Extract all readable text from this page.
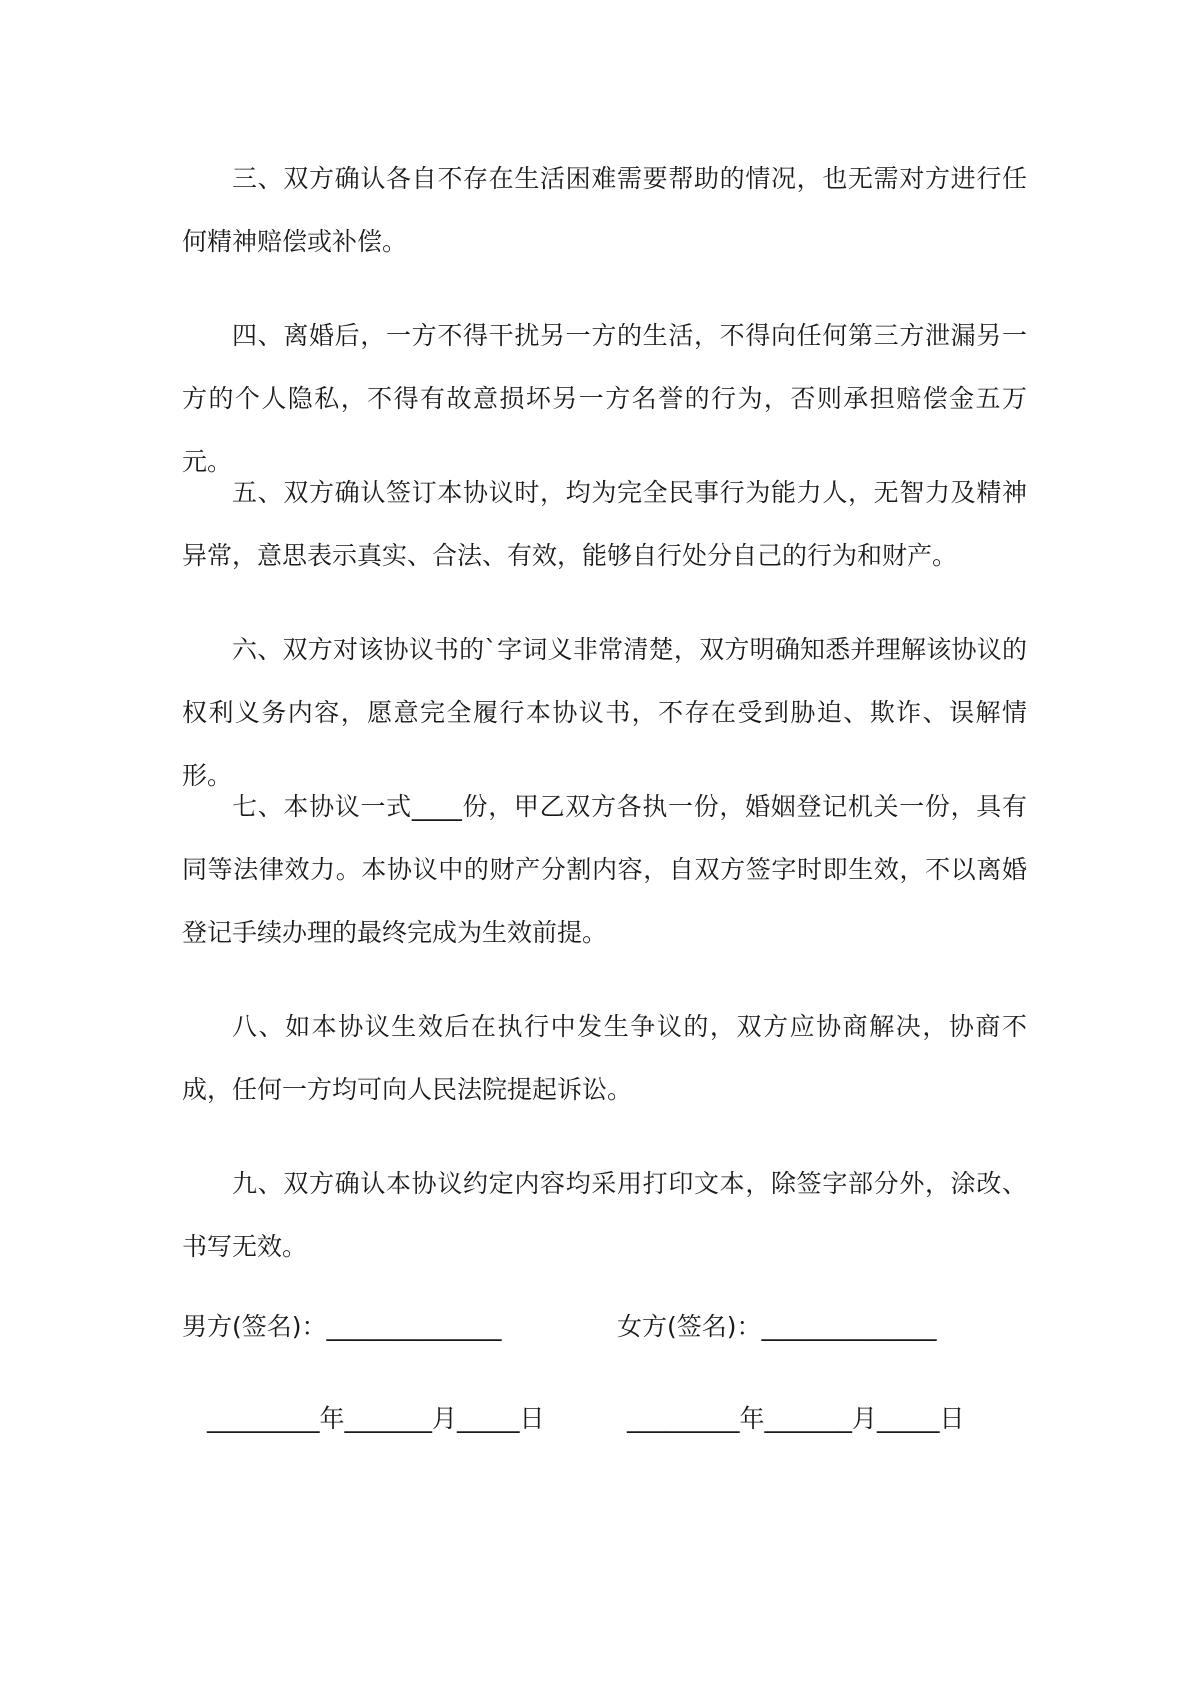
三、双方确认各自不存在生活困难需要帮助的情况，也无需对方进行任何精神赔偿或补偿。

四、离婚后，一方不得干扰另一方的生活，不得向任何第三方泄漏另一方的个人隐私，不得有故意损坏另一方名誉的行为，否则承担赔偿金五万元。

五、双方确认签订本协议时，均为完全民事行为能力人，无智力及精神异常，意思表示真实、合法、有效，能够自行处分自己的行为和财产。

六、双方对该协议书的`字词义非常清楚，双方明确知悉并理解该协议的权利义务内容，愿意完全履行本协议书，不存在受到胁迫、欺诈、误解情形。

七、本协议一式____份，甲乙双方各执一份，婚姻登记机关一份，具有同等法律效力。本协议中的财产分割内容，自双方签字时即生效，不以离婚登记手续办理的最终完成为生效前提。

八、如本协议生效后在执行中发生争议的，双方应协商解决，协商不成，任何一方均可向人民法院提起诉讼。

九、双方确认本协议约定内容均采用打印文本，除签字部分外，涂改、书写无效。

男方(签名)：______________	女方(签名)：______________

_________年_______月_____日	_________年_______月_____日
